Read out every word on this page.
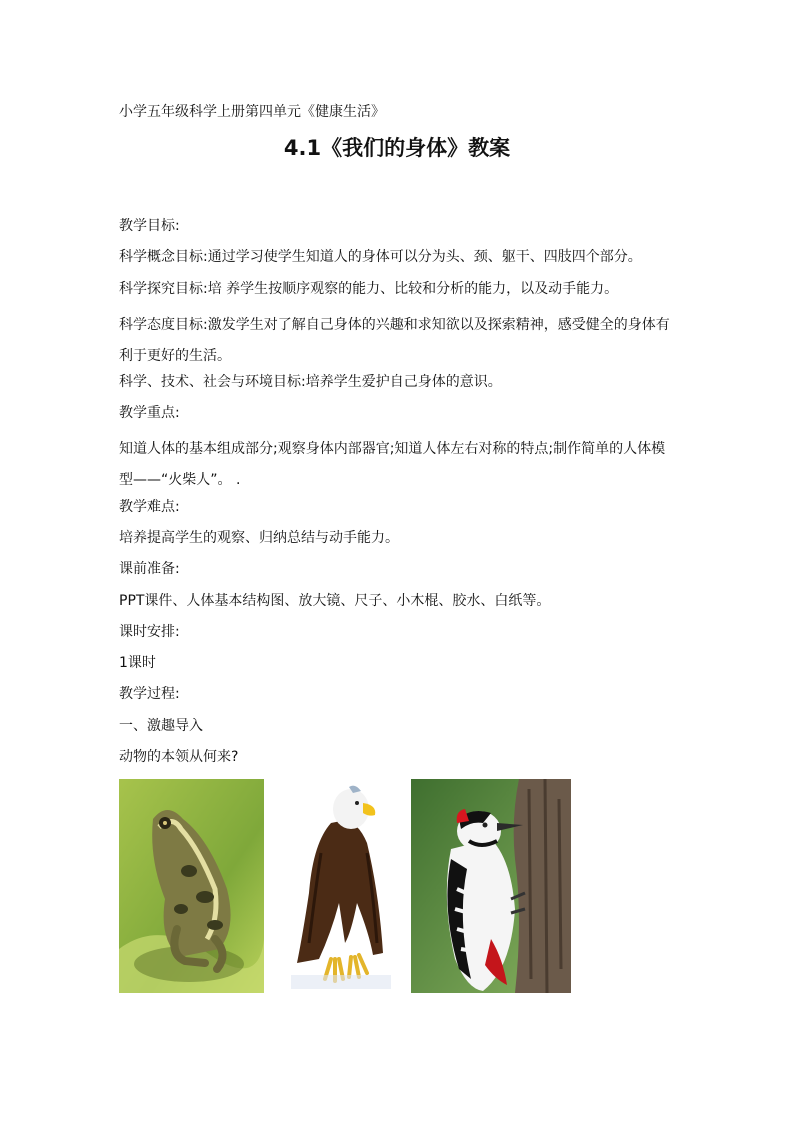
小学五年级科学上册第四单元《健康生活》
4.1《我们的身体》教案
教学目标:
科学概念目标:通过学习使学生知道人的身体可以分为头、颈、躯干、四肢四个部分。
科学探究目标:培 养学生按顺序观察的能力、比较和分析的能力，以及动手能力。
科学态度目标:激发学生对了解自己身体的兴趣和求知欲以及探索精神，感受健全的身体有利于更好的生活。
科学、技术、社会与环境目标:培养学生爱护自己身体的意识。
教学重点:
知道人体的基本组成部分;观察身体内部器官;知道人体左右对称的特点;制作简单的人体模型——“火柴人”。 .
教学难点:
培养提高学生的观察、归纳总结与动手能力。
课前准备:
PPT课件、人体基本结构图、放大镜、尺子、小木棍、胶水、白纸等。
课时安排:
1课时
教学过程:
一、激趣导入
动物的本领从何来?
